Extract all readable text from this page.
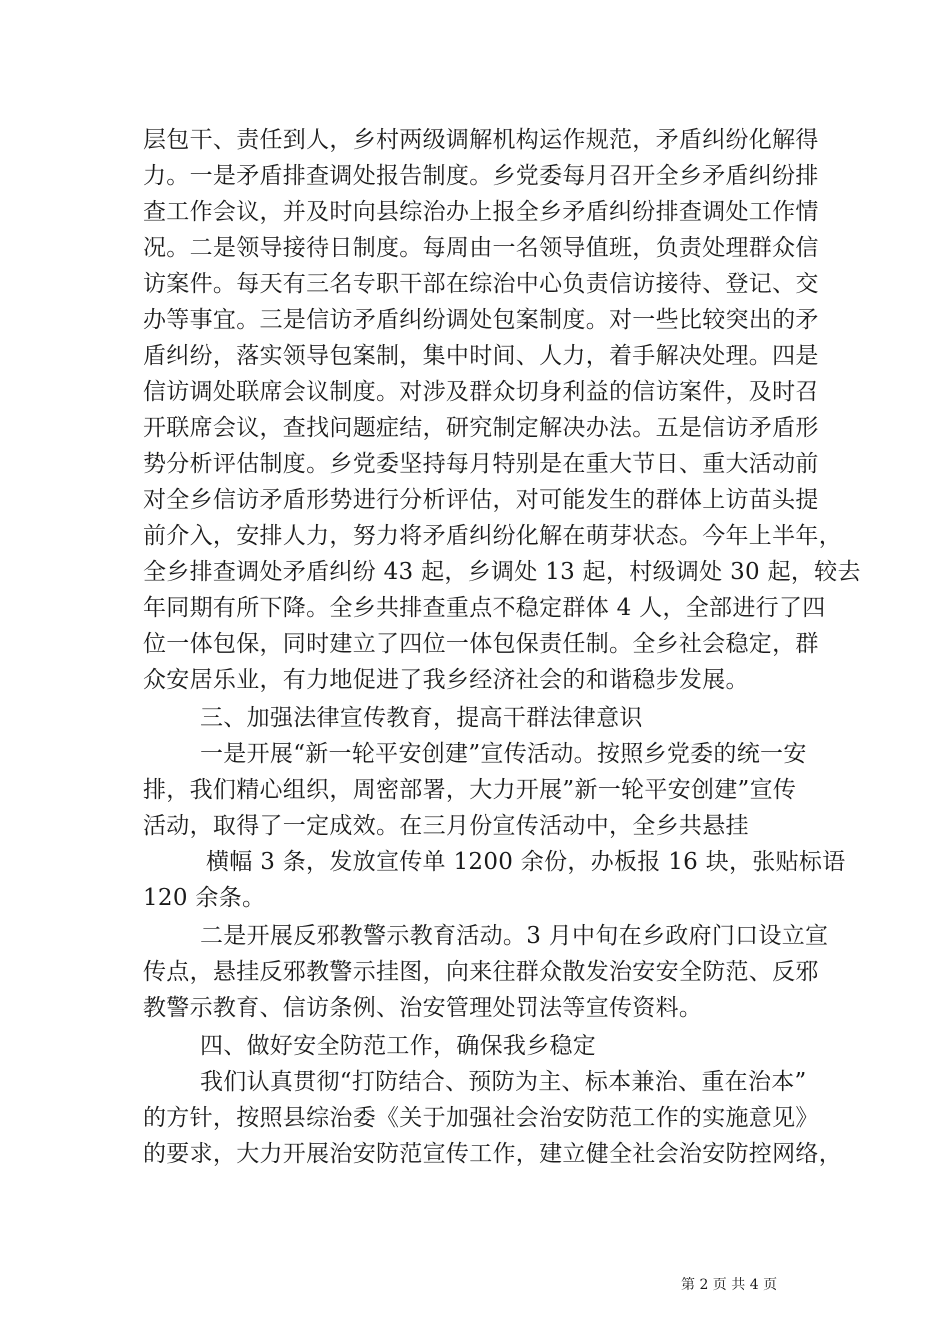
层包干、责任到人，乡村两级调解机构运作规范，矛盾纠纷化解得
力。一是矛盾排查调处报告制度。乡党委每月召开全乡矛盾纠纷排
查工作会议，并及时向县综治办上报全乡矛盾纠纷排查调处工作情
况。二是领导接待日制度。每周由一名领导值班，负责处理群众信
访案件。每天有三名专职干部在综治中心负责信访接待、登记、交
办等事宜。三是信访矛盾纠纷调处包案制度。对一些比较突出的矛
盾纠纷，落实领导包案制，集中时间、人力，着手解决处理。四是
信访调处联席会议制度。对涉及群众切身利益的信访案件，及时召
开联席会议，查找问题症结，研究制定解决办法。五是信访矛盾形
势分析评估制度。乡党委坚持每月特别是在重大节日、重大活动前
对全乡信访矛盾形势进行分析评估，对可能发生的群体上访苗头提
前介入，安排人力，努力将矛盾纠纷化解在萌芽状态。今年上半年，
全乡排查调处矛盾纠纷 43 起，乡调处 13 起，村级调处 30 起，较去
年同期有所下降。全乡共排查重点不稳定群体 4 人，全部进行了四
位一体包保，同时建立了四位一体包保责任制。全乡社会稳定，群
众安居乐业，有力地促进了我乡经济社会的和谐稳步发展。
三、加强法律宣传教育，提高干群法律意识
一是开展“新一轮平安创建”宣传活动。按照乡党委的统一安
排，我们精心组织，周密部署，大力开展”新一轮平安创建”宣传
活动，取得了一定成效。在三月份宣传活动中，全乡共悬挂
横幅 3 条，发放宣传单 1200 余份，办板报 16 块，张贴标语
120 余条。
二是开展反邪教警示教育活动。3 月中旬在乡政府门口设立宣
传点，悬挂反邪教警示挂图，向来往群众散发治安安全防范、反邪
教警示教育、信访条例、治安管理处罚法等宣传资料。
四、做好安全防范工作，确保我乡稳定
我们认真贯彻“打防结合、预防为主、标本兼治、重在治本”
的方针，按照县综治委《关于加强社会治安防范工作的实施意见》
的要求，大力开展治安防范宣传工作，建立健全社会治安防控网络，
第 2 页 共 4 页
